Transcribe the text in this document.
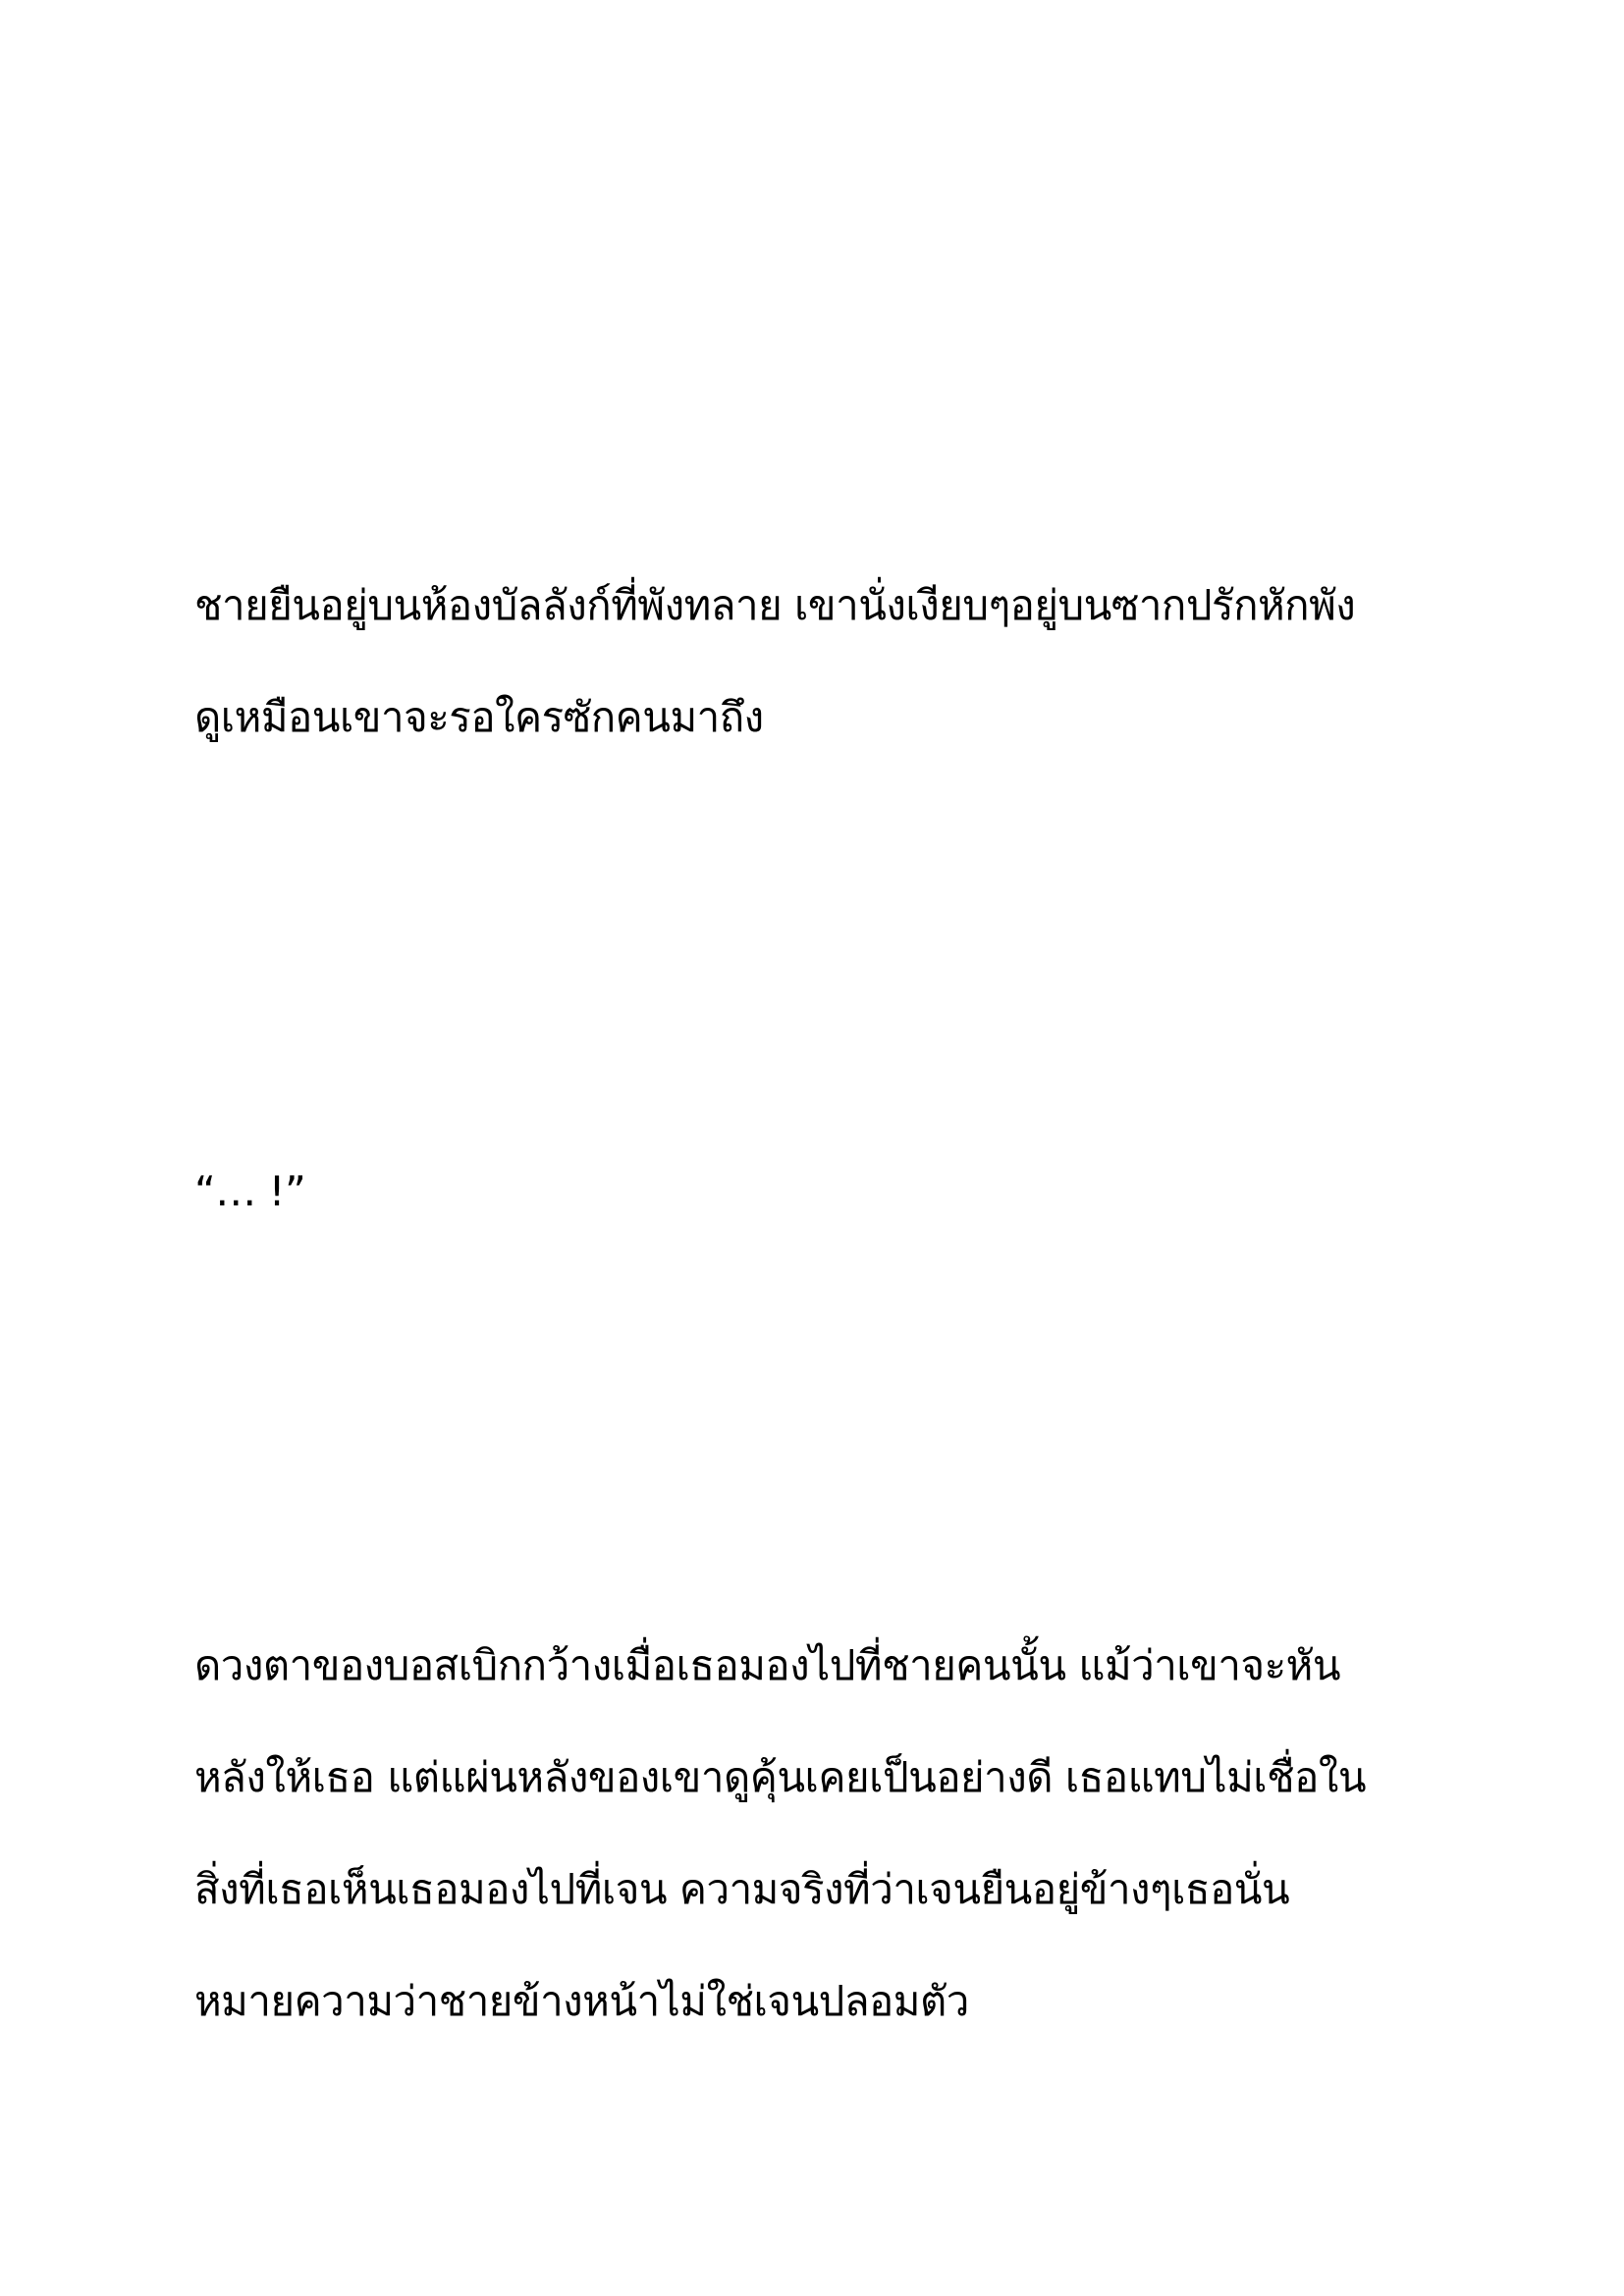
ชายยืนอยู่บนห้องบัลลังก์ที่พังทลาย เขานั่งเงียบๆอยู่บนซากปรักหักพัง
ดูเหมือนเขาจะรอใครซักคนมาถึง

“… !”

ดวงตาของบอสเบิกกว้างเมื่อเธอมองไปที่ชายคนนั้น แม้ว่าเขาจะหัน
หลังให้เธอ แต่แผ่นหลังของเขาดูคุ้นเคยเป็นอย่างดี เธอแทบไม่เชื่อใน
สิ่งที่เธอเห็นเธอมองไปที่เจน ความจริงที่ว่าเจนยืนอยู่ข้างๆเธอนั่น
หมายความว่าชายข้างหน้าไม่ใช่เจนปลอมตัว
